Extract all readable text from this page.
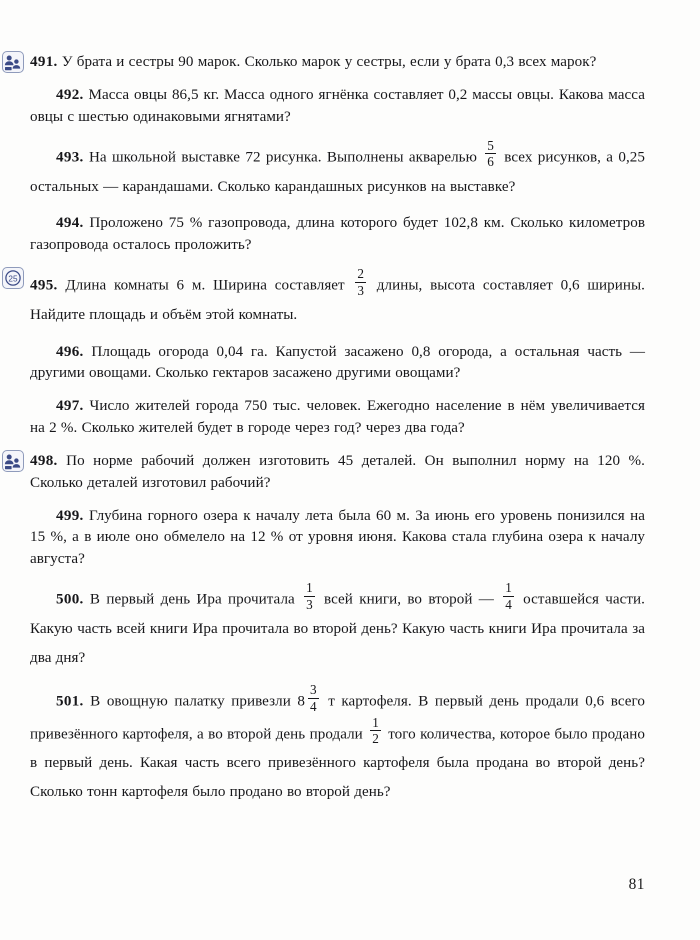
491. У брата и сестры 90 марок. Сколько марок у сестры, если у брата 0,3 всех марок?

492. Масса овцы 86,5 кг. Масса одного ягнёнка составляет 0,2 массы овцы. Какова масса овцы с шестью одинаковыми ягнятами?

493. На школьной выставке 72 рисунка. Выполнены акварелью $\frac{5}{6}$ всех рисунков, а 0,25 остальных — карандашами. Сколько карандашных рисунков на выставке?

494. Проложено 75 % газопровода, длина которого будет 102,8 км. Сколько километров газопровода осталось проложить?

25 495. Длина комнаты 6 м. Ширина составляет $\frac{2}{3}$ длины, высота составляет 0,6 ширины. Найдите площадь и объём этой комнаты.

496. Площадь огорода 0,04 га. Капустой засажено 0,8 огорода, а остальная часть — другими овощами. Сколько гектаров засажено другими овощами?

497. Число жителей города 750 тыс. человек. Ежегодно население в нём увеличивается на 2 %. Сколько жителей будет в городе через год? через два года?

498. По норме рабочий должен изготовить 45 деталей. Он выполнил норму на 120 %. Сколько деталей изготовил рабочий?

499. Глубина горного озера к началу лета была 60 м. За июнь его уровень понизился на 15 %, а в июле оно обмелело на 12 % от уровня июня. Какова стала глубина озера к началу августа?

500. В первый день Ира прочитала $\frac{1}{3}$ всей книги, во второй — $\frac{1}{4}$ оставшейся части. Какую часть всей книги Ира прочитала во второй день? Какую часть книги Ира прочитала за два дня?

501. В овощную палатку привезли $8 \frac{3}{4}$ т картофеля. В первый день продали 0,6 всего привезённого картофеля, а во второй день продали $\frac{1}{2}$ того количества, которое было продано в первый день. Какая часть всего привезённого картофеля была продана во второй день? Сколько тонн картофеля было продано во второй день?

81
